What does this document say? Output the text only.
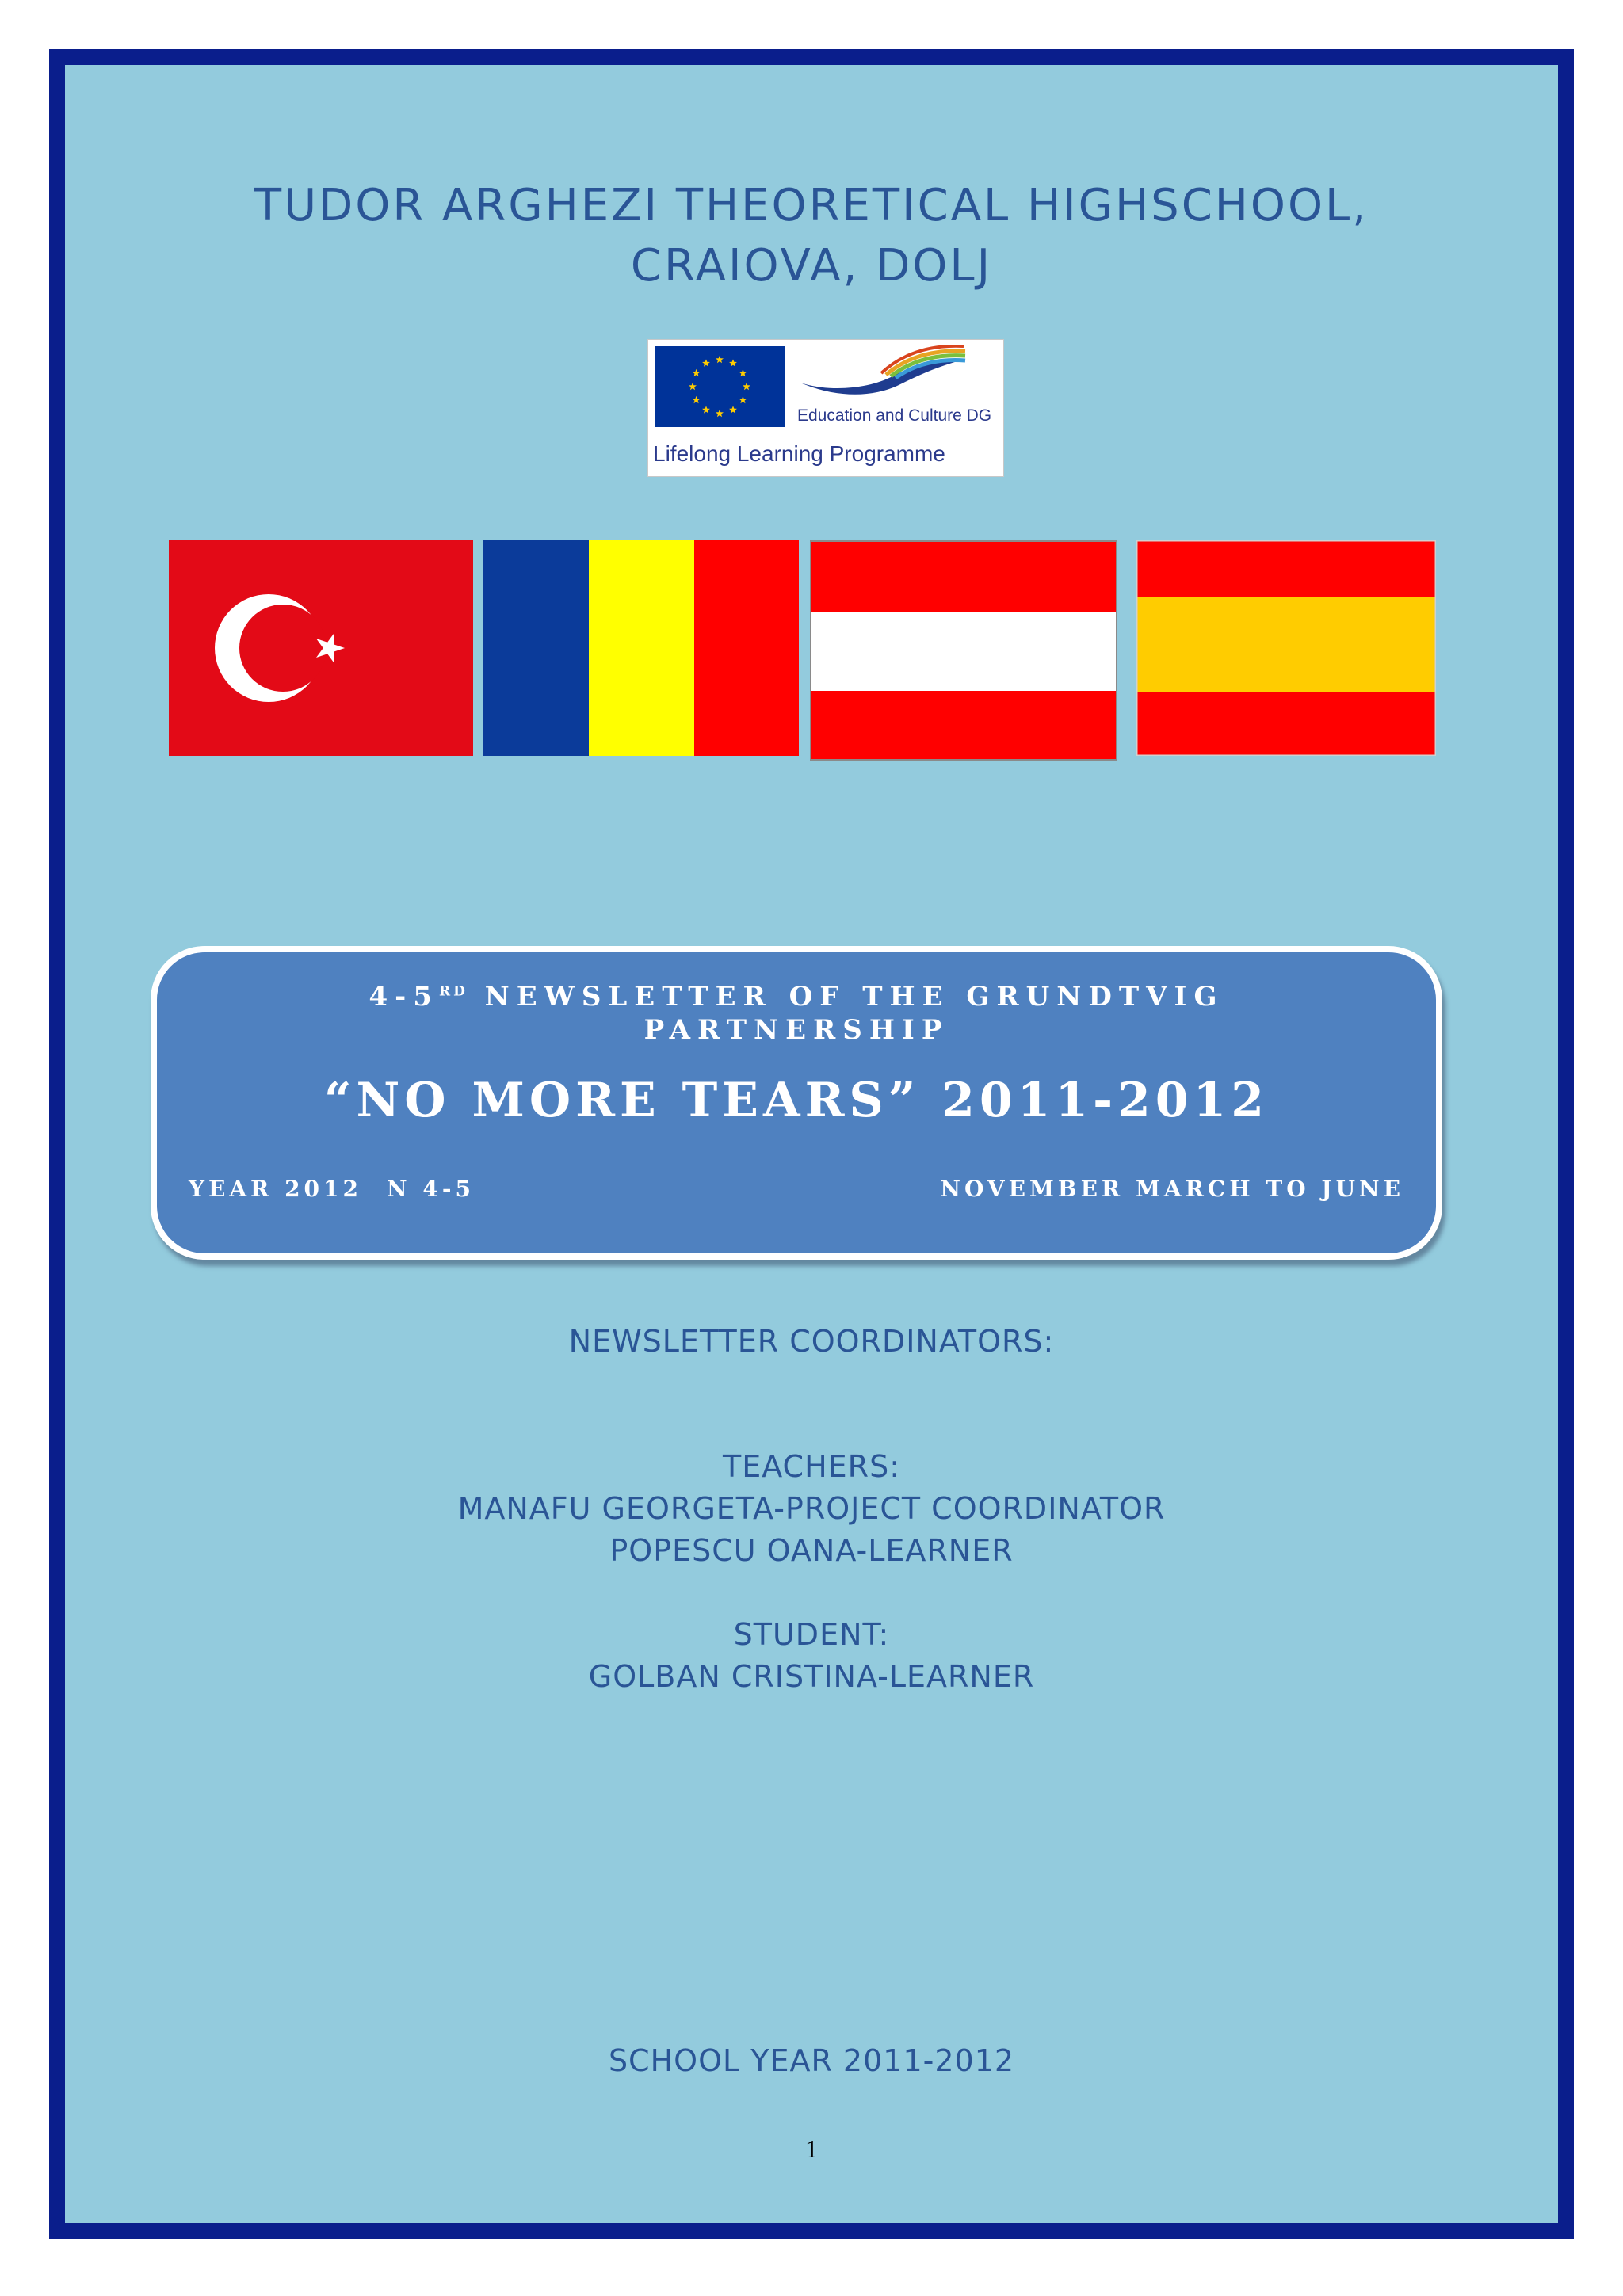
TUDOR ARGHEZI THEORETICAL HIGHSCHOOL,
CRAIOVA, DOLJ
Education and Culture DG
Lifelong Learning Programme
4-5RD NEWSLETTER OF THE GRUNDTVIG
PARTNERSHIP
“NO MORE TEARS” 2011-2012
YEAR 2012 N 4-5	NOVEMBER MARCH TO JUNE
NEWSLETTER COORDINATORS:
TEACHERS:
MANAFU GEORGETA-PROJECT COORDINATOR
POPESCU OANA-LEARNER
STUDENT:
GOLBAN CRISTINA-LEARNER
SCHOOL YEAR 2011-2012
1
